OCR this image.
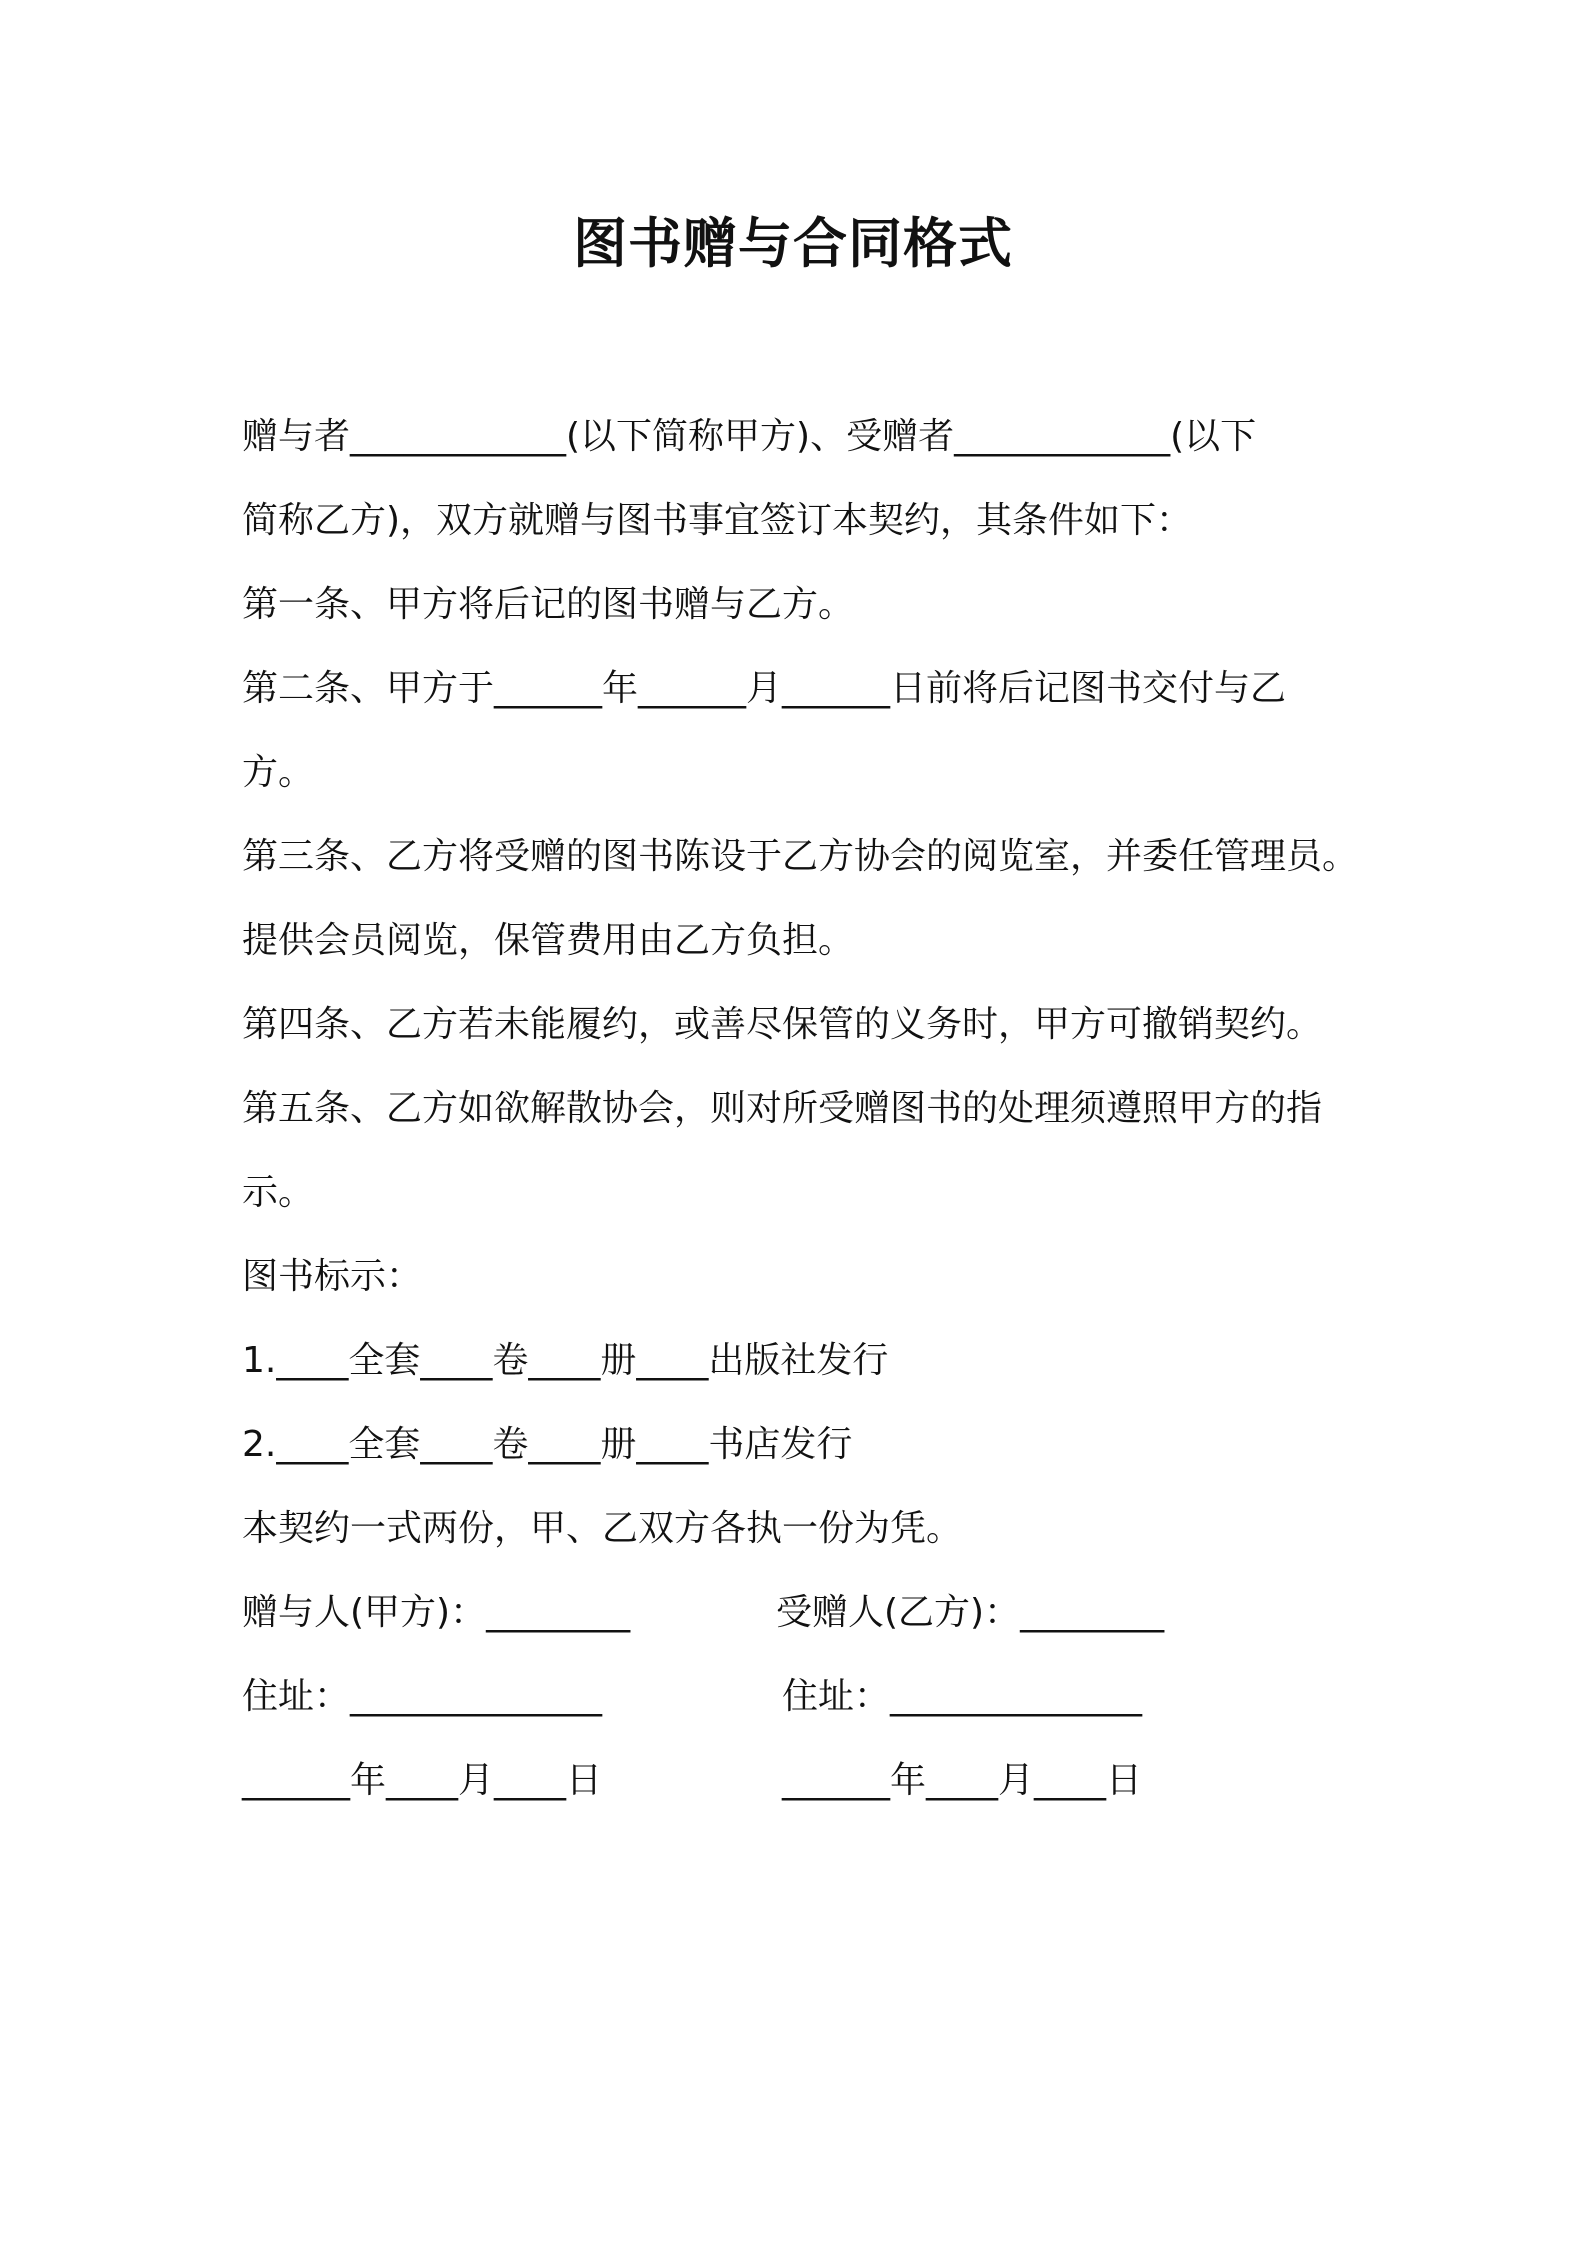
图书赠与合同格式
赠与者____________(以下简称甲方)、受赠者____________(以下
简称乙方)，双方就赠与图书事宜签订本契约，其条件如下：
第一条、甲方将后记的图书赠与乙方。
第二条、甲方于______年______月______日前将后记图书交付与乙
方。
第三条、乙方将受赠的图书陈设于乙方协会的阅览室，并委任管理员。
提供会员阅览，保管费用由乙方负担。
第四条、乙方若未能履约，或善尽保管的义务时，甲方可撤销契约。
第五条、乙方如欲解散协会，则对所受赠图书的处理须遵照甲方的指
示。
图书标示：
1.____全套____卷____册____出版社发行
2.____全套____卷____册____书店发行
本契约一式两份，甲、乙双方各执一份为凭。
赠与人(甲方)：________	受赠人(乙方)：________
住址：______________	住址：______________
______年____月____日	______年____月____日
